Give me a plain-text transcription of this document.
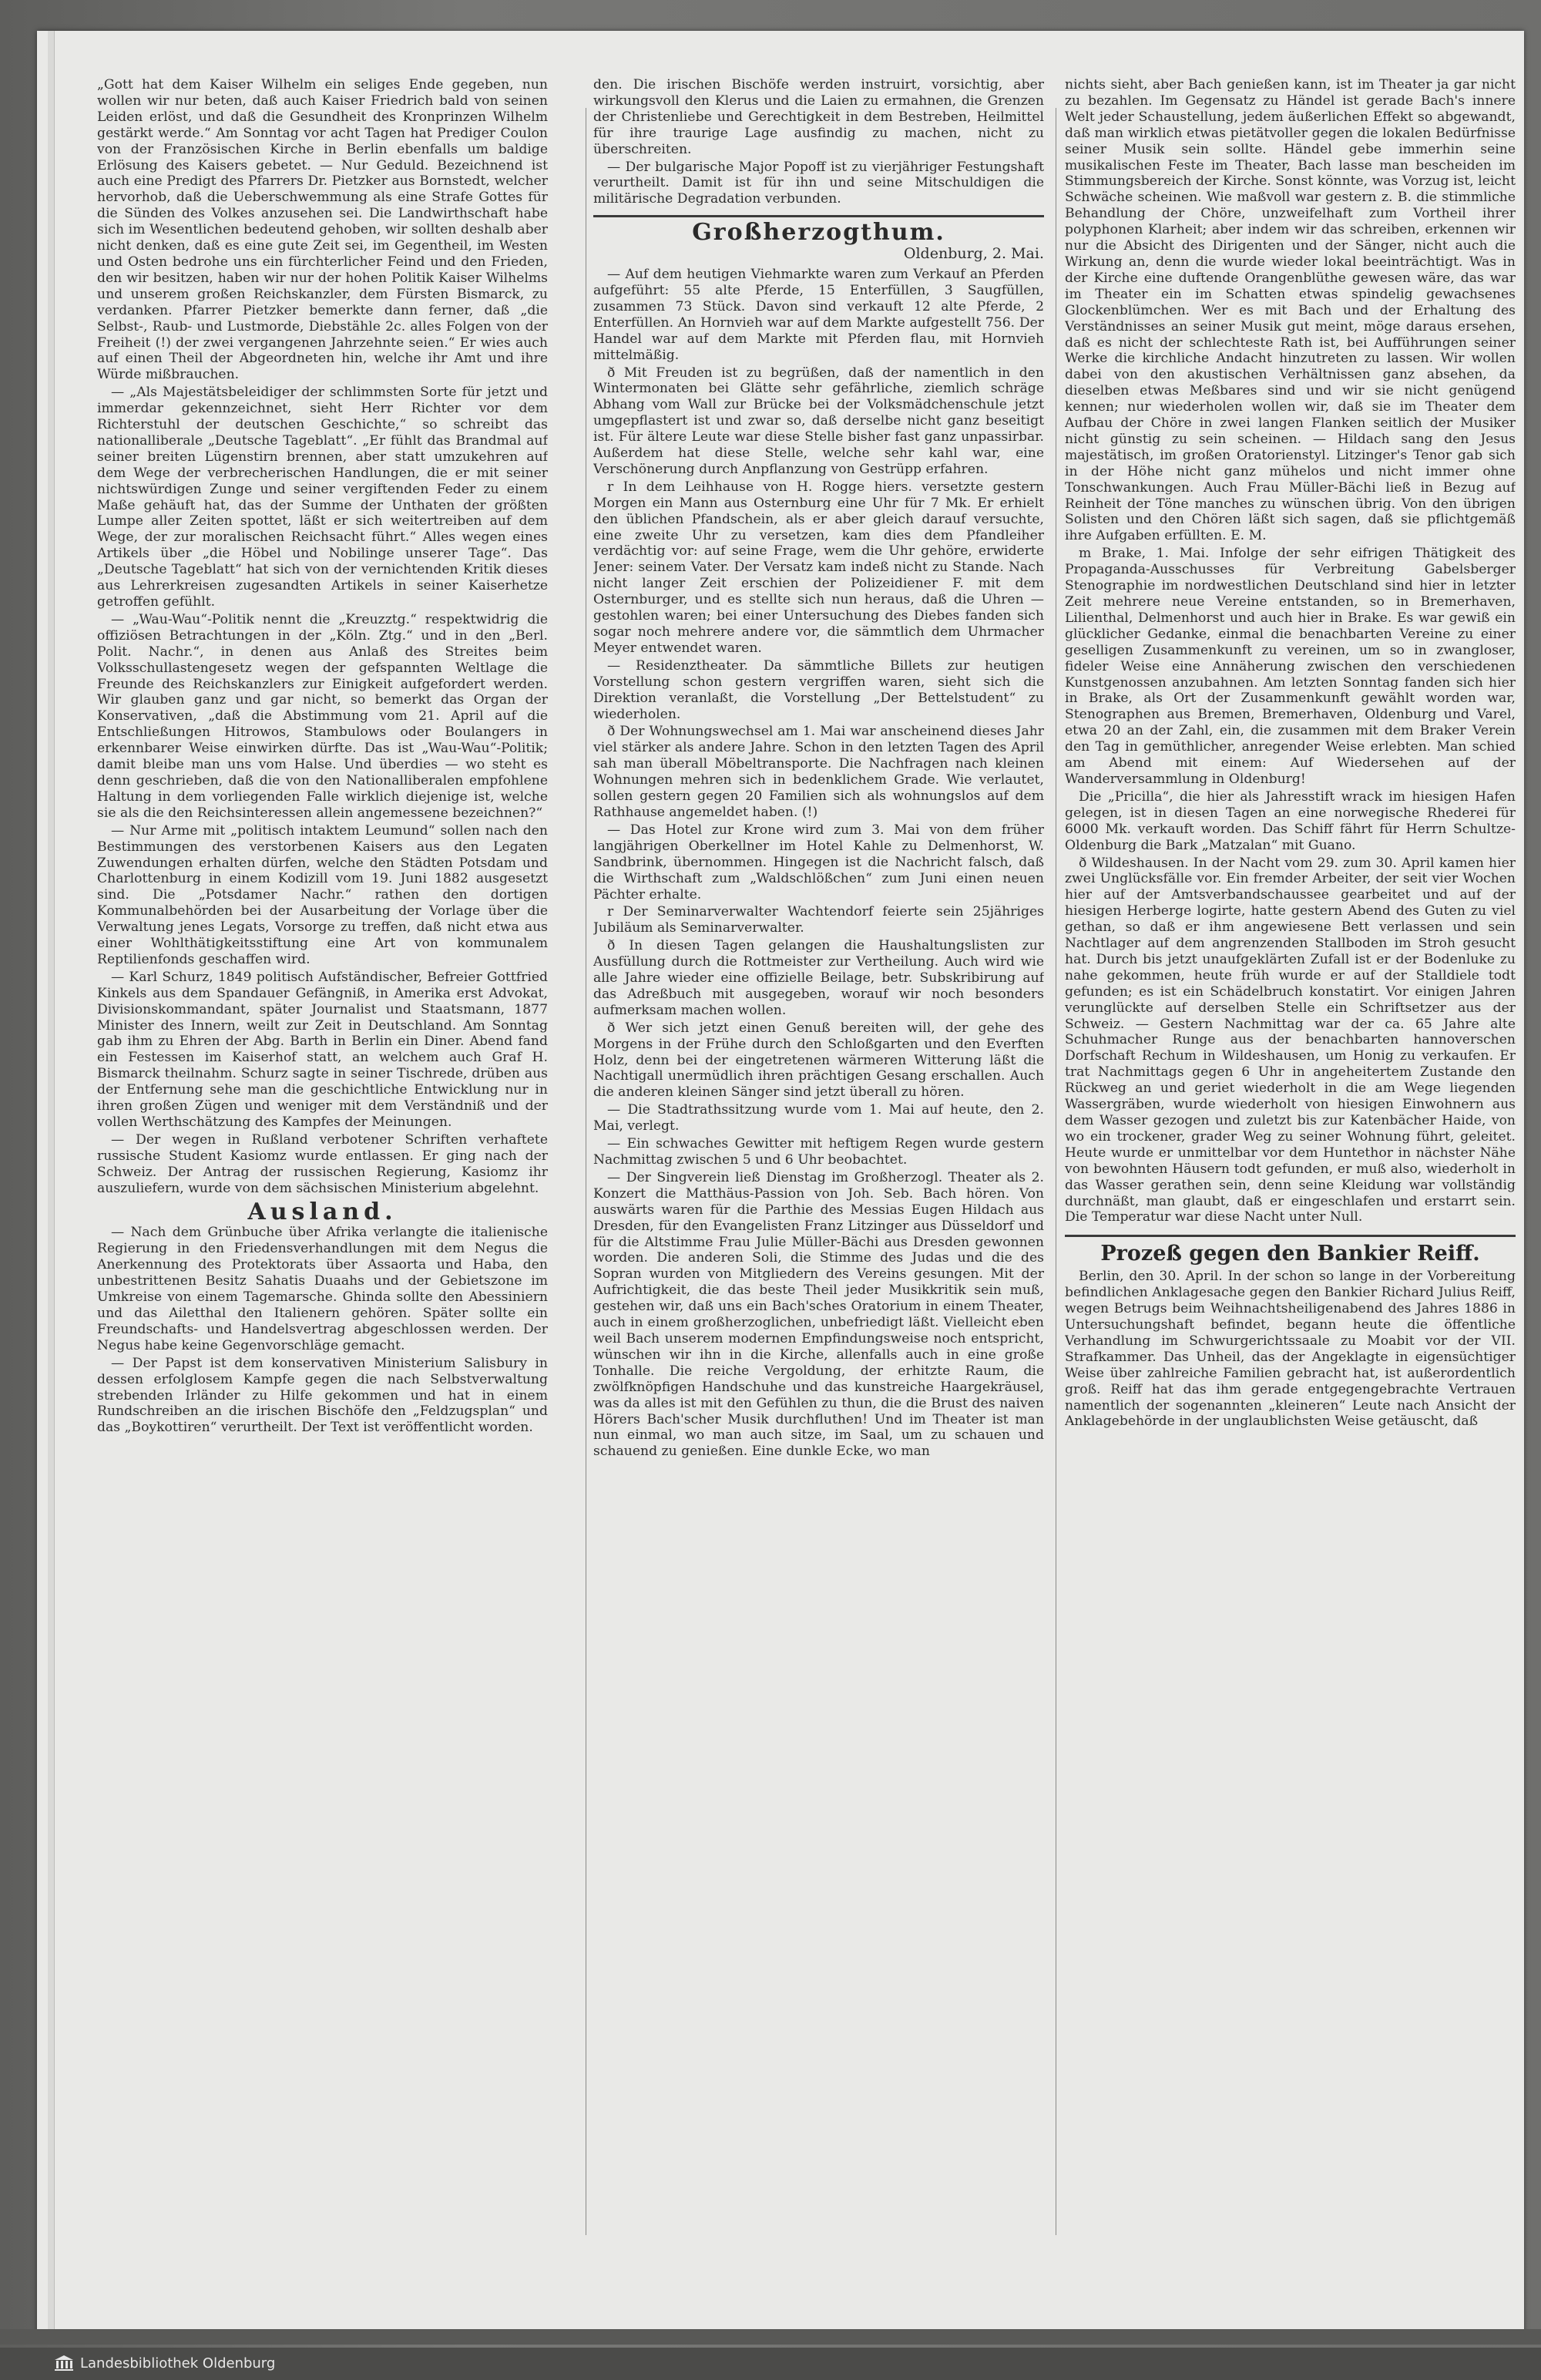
„Gott hat dem Kaiser Wilhelm ein seliges Ende gegeben, nun wollen wir nur beten, daß auch Kaiser Friedrich bald von seinen Leiden erlöst, und daß die Gesundheit des Kronprinzen Wilhelm gestärkt werde.“ Am Sonntag vor acht Tagen hat Prediger Coulon von der Französischen Kirche in Berlin ebenfalls um baldige Erlösung des Kaisers gebetet. — Nur Geduld. Bezeichnend ist auch eine Predigt des Pfarrers Dr. Pietzker aus Bornstedt, welcher hervorhob, daß die Ueberschwemmung als eine Strafe Gottes für die Sünden des Volkes anzusehen sei. Die Landwirthschaft habe sich im Wesentlichen bedeutend gehoben, wir sollten deshalb aber nicht denken, daß es eine gute Zeit sei, im Gegentheil, im Westen und Osten bedrohe uns ein fürchterlicher Feind und den Frieden, den wir besitzen, haben wir nur der hohen Politik Kaiser Wilhelms und unserem großen Reichskanzler, dem Fürsten Bismarck, zu verdanken. Pfarrer Pietzker bemerkte dann ferner, daß „die Selbst-, Raub- und Lustmorde, Diebstähle 2c. alles Folgen von der Freiheit (!) der zwei vergangenen Jahrzehnte seien.“ Er wies auch auf einen Theil der Abgeordneten hin, welche ihr Amt und ihre Würde mißbrauchen.

— „Als Majestätsbeleidiger der schlimmsten Sorte für jetzt und immerdar gekennzeichnet, sieht Herr Richter vor dem Richterstuhl der deutschen Geschichte,“ so schreibt das nationalliberale „Deutsche Tageblatt“. „Er fühlt das Brandmal auf seiner breiten Lügenstirn brennen, aber statt umzukehren auf dem Wege der verbrecherischen Handlungen, die er mit seiner nichtswürdigen Zunge und seiner vergiftenden Feder zu einem Maße gehäuft hat, das der Summe der Unthaten der größten Lumpe aller Zeiten spottet, läßt er sich weitertreiben auf dem Wege, der zur moralischen Reichsacht führt.“ Alles wegen eines Artikels über „die Höbel und Nobilinge unserer Tage“. Das „Deutsche Tageblatt“ hat sich von der vernichtenden Kritik dieses aus Lehrerkreisen zugesandten Artikels in seiner Kaiserhetze getroffen gefühlt.

— „Wau-Wau“-Politik nennt die „Kreuzztg.“ respektwidrig die offiziösen Betrachtungen in der „Köln. Ztg.“ und in den „Berl. Polit. Nachr.“, in denen aus Anlaß des Streites beim Volksschullastengesetz wegen der gefspannten Weltlage die Freunde des Reichskanzlers zur Einigkeit aufgefordert werden. Wir glauben ganz und gar nicht, so bemerkt das Organ der Konservativen, „daß die Abstimmung vom 21. April auf die Entschließungen Hitrowos, Stambulows oder Boulangers in erkennbarer Weise einwirken dürfte. Das ist „Wau-Wau“-Politik; damit bleibe man uns vom Halse. Und überdies — wo steht es denn geschrieben, daß die von den Nationalliberalen empfohlene Haltung in dem vorliegenden Falle wirklich diejenige ist, welche sie als die den Reichsinteressen allein angemessene bezeichnen?“

— Nur Arme mit „politisch intaktem Leumund“ sollen nach den Bestimmungen des verstorbenen Kaisers aus den Legaten Zuwendungen erhalten dürfen, welche den Städten Potsdam und Charlottenburg in einem Kodizill vom 19. Juni 1882 ausgesetzt sind. Die „Potsdamer Nachr.“ rathen den dortigen Kommunalbehörden bei der Ausarbeitung der Vorlage über die Verwaltung jenes Legats, Vorsorge zu treffen, daß nicht etwa aus einer Wohlthätigkeitsstiftung eine Art von kommunalem Reptilienfonds geschaffen wird.

— Karl Schurz, 1849 politisch Aufständischer, Befreier Gottfried Kinkels aus dem Spandauer Gefängniß, in Amerika erst Advokat, Divisionskommandant, später Journalist und Staatsmann, 1877 Minister des Innern, weilt zur Zeit in Deutschland. Am Sonntag gab ihm zu Ehren der Abg. Barth in Berlin ein Diner. Abend fand ein Festessen im Kaiserhof statt, an welchem auch Graf H. Bismarck theilnahm. Schurz sagte in seiner Tischrede, drüben aus der Entfernung sehe man die geschichtliche Entwicklung nur in ihren großen Zügen und weniger mit dem Verständniß und der vollen Werthschätzung des Kampfes der Meinungen.

— Der wegen in Rußland verbotener Schriften verhaftete russische Student Kasiomz wurde entlassen. Er ging nach der Schweiz. Der Antrag der russischen Regierung, Kasiomz ihr auszuliefern, wurde von dem sächsischen Ministerium abgelehnt.

Ausland.

— Nach dem Grünbuche über Afrika verlangte die italienische Regierung in den Friedensverhandlungen mit dem Negus die Anerkennung des Protektorats über Assaorta und Haba, den unbestrittenen Besitz Sahatis Duaahs und der Gebietszone im Umkreise von einem Tagemarsche. Ghinda sollte den Abessiniern und das Ailetthal den Italienern gehören. Später sollte ein Freundschafts- und Handelsvertrag abgeschlossen werden. Der Negus habe keine Gegenvorschläge gemacht.

— Der Papst ist dem konservativen Ministerium Salisbury in dessen erfolglosem Kampfe gegen die nach Selbstverwaltung strebenden Irländer zu Hilfe gekommen und hat in einem Rundschreiben an die irischen Bischöfe den „Feldzugsplan“ und das „Boykottiren“ verurtheilt. Der Text ist veröffentlicht worden.

den. Die irischen Bischöfe werden instruirt, vorsichtig, aber wirkungsvoll den Klerus und die Laien zu ermahnen, die Grenzen der Christenliebe und Gerechtigkeit in dem Bestreben, Heilmittel für ihre traurige Lage ausfindig zu machen, nicht zu überschreiten.

— Der bulgarische Major Popoff ist zu vierjähriger Festungshaft verurtheilt. Damit ist für ihn und seine Mitschuldigen die militärische Degradation verbunden.

Großherzogthum.
Oldenburg, 2. Mai.

— Auf dem heutigen Viehmarkte waren zum Verkauf an Pferden aufgeführt: 55 alte Pferde, 15 Enterfüllen, 3 Saugfüllen, zusammen 73 Stück. Davon sind verkauft 12 alte Pferde, 2 Enterfüllen. An Hornvieh war auf dem Markte aufgestellt 756. Der Handel war auf dem Markte mit Pferden flau, mit Hornvieh mittelmäßig.

ð Mit Freuden ist zu begrüßen, daß der namentlich in den Wintermonaten bei Glätte sehr gefährliche, ziemlich schräge Abhang vom Wall zur Brücke bei der Volksmädchenschule jetzt umgepflastert ist und zwar so, daß derselbe nicht ganz beseitigt ist. Für ältere Leute war diese Stelle bisher fast ganz unpassirbar. Außerdem hat diese Stelle, welche sehr kahl war, eine Verschönerung durch Anpflanzung von Gestrüpp erfahren.

r In dem Leihhause von H. Rogge hiers. versetzte gestern Morgen ein Mann aus Osternburg eine Uhr für 7 Mk. Er erhielt den üblichen Pfandschein, als er aber gleich darauf versuchte, eine zweite Uhr zu versetzen, kam dies dem Pfandleiher verdächtig vor: auf seine Frage, wem die Uhr gehöre, erwiderte Jener: seinem Vater. Der Versatz kam indeß nicht zu Stande. Nach nicht langer Zeit erschien der Polizeidiener F. mit dem Osternburger, und es stellte sich nun heraus, daß die Uhren — gestohlen waren; bei einer Untersuchung des Diebes fanden sich sogar noch mehrere andere vor, die sämmtlich dem Uhrmacher Meyer entwendet waren.

— Residenztheater. Da sämmtliche Billets zur heutigen Vorstellung schon gestern vergriffen waren, sieht sich die Direktion veranlaßt, die Vorstellung „Der Bettelstudent“ zu wiederholen.

ð Der Wohnungswechsel am 1. Mai war anscheinend dieses Jahr viel stärker als andere Jahre. Schon in den letzten Tagen des April sah man überall Möbeltransporte. Die Nachfragen nach kleinen Wohnungen mehren sich in bedenklichem Grade. Wie verlautet, sollen gestern gegen 20 Familien sich als wohnungslos auf dem Rathhause angemeldet haben. (!)

— Das Hotel zur Krone wird zum 3. Mai von dem früher langjährigen Oberkellner im Hotel Kahle zu Delmenhorst, W. Sandbrink, übernommen. Hingegen ist die Nachricht falsch, daß die Wirthschaft zum „Waldschlößchen“ zum Juni einen neuen Pächter erhalte.

r Der Seminarverwalter Wachtendorf feierte sein 25jähriges Jubiläum als Seminarverwalter.

ð In diesen Tagen gelangen die Haushaltungslisten zur Ausfüllung durch die Rottmeister zur Vertheilung. Auch wird wie alle Jahre wieder eine offizielle Beilage, betr. Subskribirung auf das Adreßbuch mit ausgegeben, worauf wir noch besonders aufmerksam machen wollen.

ð Wer sich jetzt einen Genuß bereiten will, der gehe des Morgens in der Frühe durch den Schloßgarten und den Everften Holz, denn bei der eingetretenen wärmeren Witterung läßt die Nachtigall unermüdlich ihren prächtigen Gesang erschallen. Auch die anderen kleinen Sänger sind jetzt überall zu hören.

— Die Stadtrathssitzung wurde vom 1. Mai auf heute, den 2. Mai, verlegt.

— Ein schwaches Gewitter mit heftigem Regen wurde gestern Nachmittag zwischen 5 und 6 Uhr beobachtet.

— Der Singverein ließ Dienstag im Großherzogl. Theater als 2. Konzert die Matthäus-Passion von Joh. Seb. Bach hören. Von auswärts waren für die Parthie des Messias Eugen Hildach aus Dresden, für den Evangelisten Franz Litzinger aus Düsseldorf und für die Altstimme Frau Julie Müller-Bächi aus Dresden gewonnen worden. Die anderen Soli, die Stimme des Judas und die des Sopran wurden von Mitgliedern des Vereins gesungen. Mit der Aufrichtigkeit, die das beste Theil jeder Musikkritik sein muß, gestehen wir, daß uns ein Bach'sches Oratorium in einem Theater, auch in einem großherzoglichen, unbefriedigt läßt. Vielleicht eben weil Bach unserem modernen Empfindungsweise noch entspricht, wünschen wir ihn in die Kirche, allenfalls auch in eine große Tonhalle. Die reiche Vergoldung, der erhitzte Raum, die zwölfknöpfigen Handschuhe und das kunstreiche Haargekräusel, was da alles ist mit den Gefühlen zu thun, die die Brust des naiven Hörers Bach'scher Musik durchfluthen! Und im Theater ist man nun einmal, wo man auch sitze, im Saal, um zu schauen und schauend zu genießen. Eine dunkle Ecke, wo man

nichts sieht, aber Bach genießen kann, ist im Theater ja gar nicht zu bezahlen. Im Gegensatz zu Händel ist gerade Bach's innere Welt jeder Schaustellung, jedem äußerlichen Effekt so abgewandt, daß man wirklich etwas pietätvoller gegen die lokalen Bedürfnisse seiner Musik sein sollte. Händel gebe immerhin seine musikalischen Feste im Theater, Bach lasse man bescheiden im Stimmungsbereich der Kirche. Sonst könnte, was Vorzug ist, leicht Schwäche scheinen. Wie maßvoll war gestern z. B. die stimmliche Behandlung der Chöre, unzweifelhaft zum Vortheil ihrer polyphonen Klarheit; aber indem wir das schreiben, erkennen wir nur die Absicht des Dirigenten und der Sänger, nicht auch die Wirkung an, denn die wurde wieder lokal beeinträchtigt. Was in der Kirche eine duftende Orangenblüthe gewesen wäre, das war im Theater ein im Schatten etwas spindelig gewachsenes Glockenblümchen. Wer es mit Bach und der Erhaltung des Verständnisses an seiner Musik gut meint, möge daraus ersehen, daß es nicht der schlechteste Rath ist, bei Aufführungen seiner Werke die kirchliche Andacht hinzutreten zu lassen. Wir wollen dabei von den akustischen Verhältnissen ganz absehen, da dieselben etwas Meßbares sind und wir sie nicht genügend kennen; nur wiederholen wollen wir, daß sie im Theater dem Aufbau der Chöre in zwei langen Flanken seitlich der Musiker nicht günstig zu sein scheinen. — Hildach sang den Jesus majestätisch, im großen Oratorienstyl. Litzinger's Tenor gab sich in der Höhe nicht ganz mühelos und nicht immer ohne Tonschwankungen. Auch Frau Müller-Bächi ließ in Bezug auf Reinheit der Töne manches zu wünschen übrig. Von den übrigen Solisten und den Chören läßt sich sagen, daß sie pflichtgemäß ihre Aufgaben erfüllten. E. M.

m Brake, 1. Mai. Infolge der sehr eifrigen Thätigkeit des Propaganda-Ausschusses für Verbreitung Gabelsberger Stenographie im nordwestlichen Deutschland sind hier in letzter Zeit mehrere neue Vereine entstanden, so in Bremerhaven, Lilienthal, Delmenhorst und auch hier in Brake. Es war gewiß ein glücklicher Gedanke, einmal die benachbarten Vereine zu einer geselligen Zusammenkunft zu vereinen, um so in zwangloser, fideler Weise eine Annäherung zwischen den verschiedenen Kunstgenossen anzubahnen. Am letzten Sonntag fanden sich hier in Brake, als Ort der Zusammenkunft gewählt worden war, Stenographen aus Bremen, Bremerhaven, Oldenburg und Varel, etwa 20 an der Zahl, ein, die zusammen mit dem Braker Verein den Tag in gemüthlicher, anregender Weise erlebten. Man schied am Abend mit einem: Auf Wiedersehen auf der Wanderversammlung in Oldenburg!

Die „Pricilla“, die hier als Jahresstift wrack im hiesigen Hafen gelegen, ist in diesen Tagen an eine norwegische Rhederei für 6000 Mk. verkauft worden. Das Schiff fährt für Herrn Schultze-Oldenburg die Bark „Matzalan“ mit Guano.

ð Wildeshausen. In der Nacht vom 29. zum 30. April kamen hier zwei Unglücksfälle vor. Ein fremder Arbeiter, der seit vier Wochen hier auf der Amtsverbandschaussee gearbeitet und auf der hiesigen Herberge logirte, hatte gestern Abend des Guten zu viel gethan, so daß er ihm angewiesene Bett verlassen und sein Nachtlager auf dem angrenzenden Stallboden im Stroh gesucht hat. Durch bis jetzt unaufgeklärten Zufall ist er der Bodenluke zu nahe gekommen, heute früh wurde er auf der Stalldiele todt gefunden; es ist ein Schädelbruch konstatirt. Vor einigen Jahren verunglückte auf derselben Stelle ein Schriftsetzer aus der Schweiz. — Gestern Nachmittag war der ca. 65 Jahre alte Schuhmacher Runge aus der benachbarten hannoverschen Dorfschaft Rechum in Wildeshausen, um Honig zu verkaufen. Er trat Nachmittags gegen 6 Uhr in angeheitertem Zustande den Rückweg an und geriet wiederholt in die am Wege liegenden Wassergräben, wurde wiederholt von hiesigen Einwohnern aus dem Wasser gezogen und zuletzt bis zur Katenbächer Haide, von wo ein trockener, grader Weg zu seiner Wohnung führt, geleitet. Heute wurde er unmittelbar vor dem Huntethor in nächster Nähe von bewohnten Häusern todt gefunden, er muß also, wiederholt in das Wasser gerathen sein, denn seine Kleidung war vollständig durchnäßt, man glaubt, daß er eingeschlafen und erstarrt sein. Die Temperatur war diese Nacht unter Null.

Prozeß gegen den Bankier Reiff.

Berlin, den 30. April. In der schon so lange in der Vorbereitung befindlichen Anklagesache gegen den Bankier Richard Julius Reiff, wegen Betrugs beim Weihnachtsheiligenabend des Jahres 1886 in Untersuchungshaft befindet, begann heute die öffentliche Verhandlung im Schwurgerichtssaale zu Moabit vor der VII. Strafkammer. Das Unheil, das der Angeklagte in eigensüchtiger Weise über zahlreiche Familien gebracht hat, ist außerordentlich groß. Reiff hat das ihm gerade entgegengebrachte Vertrauen namentlich der sogenannten „kleineren“ Leute nach Ansicht der Anklagebehörde in der unglaublichsten Weise getäuscht, daß

Landesbibliothek Oldenburg
